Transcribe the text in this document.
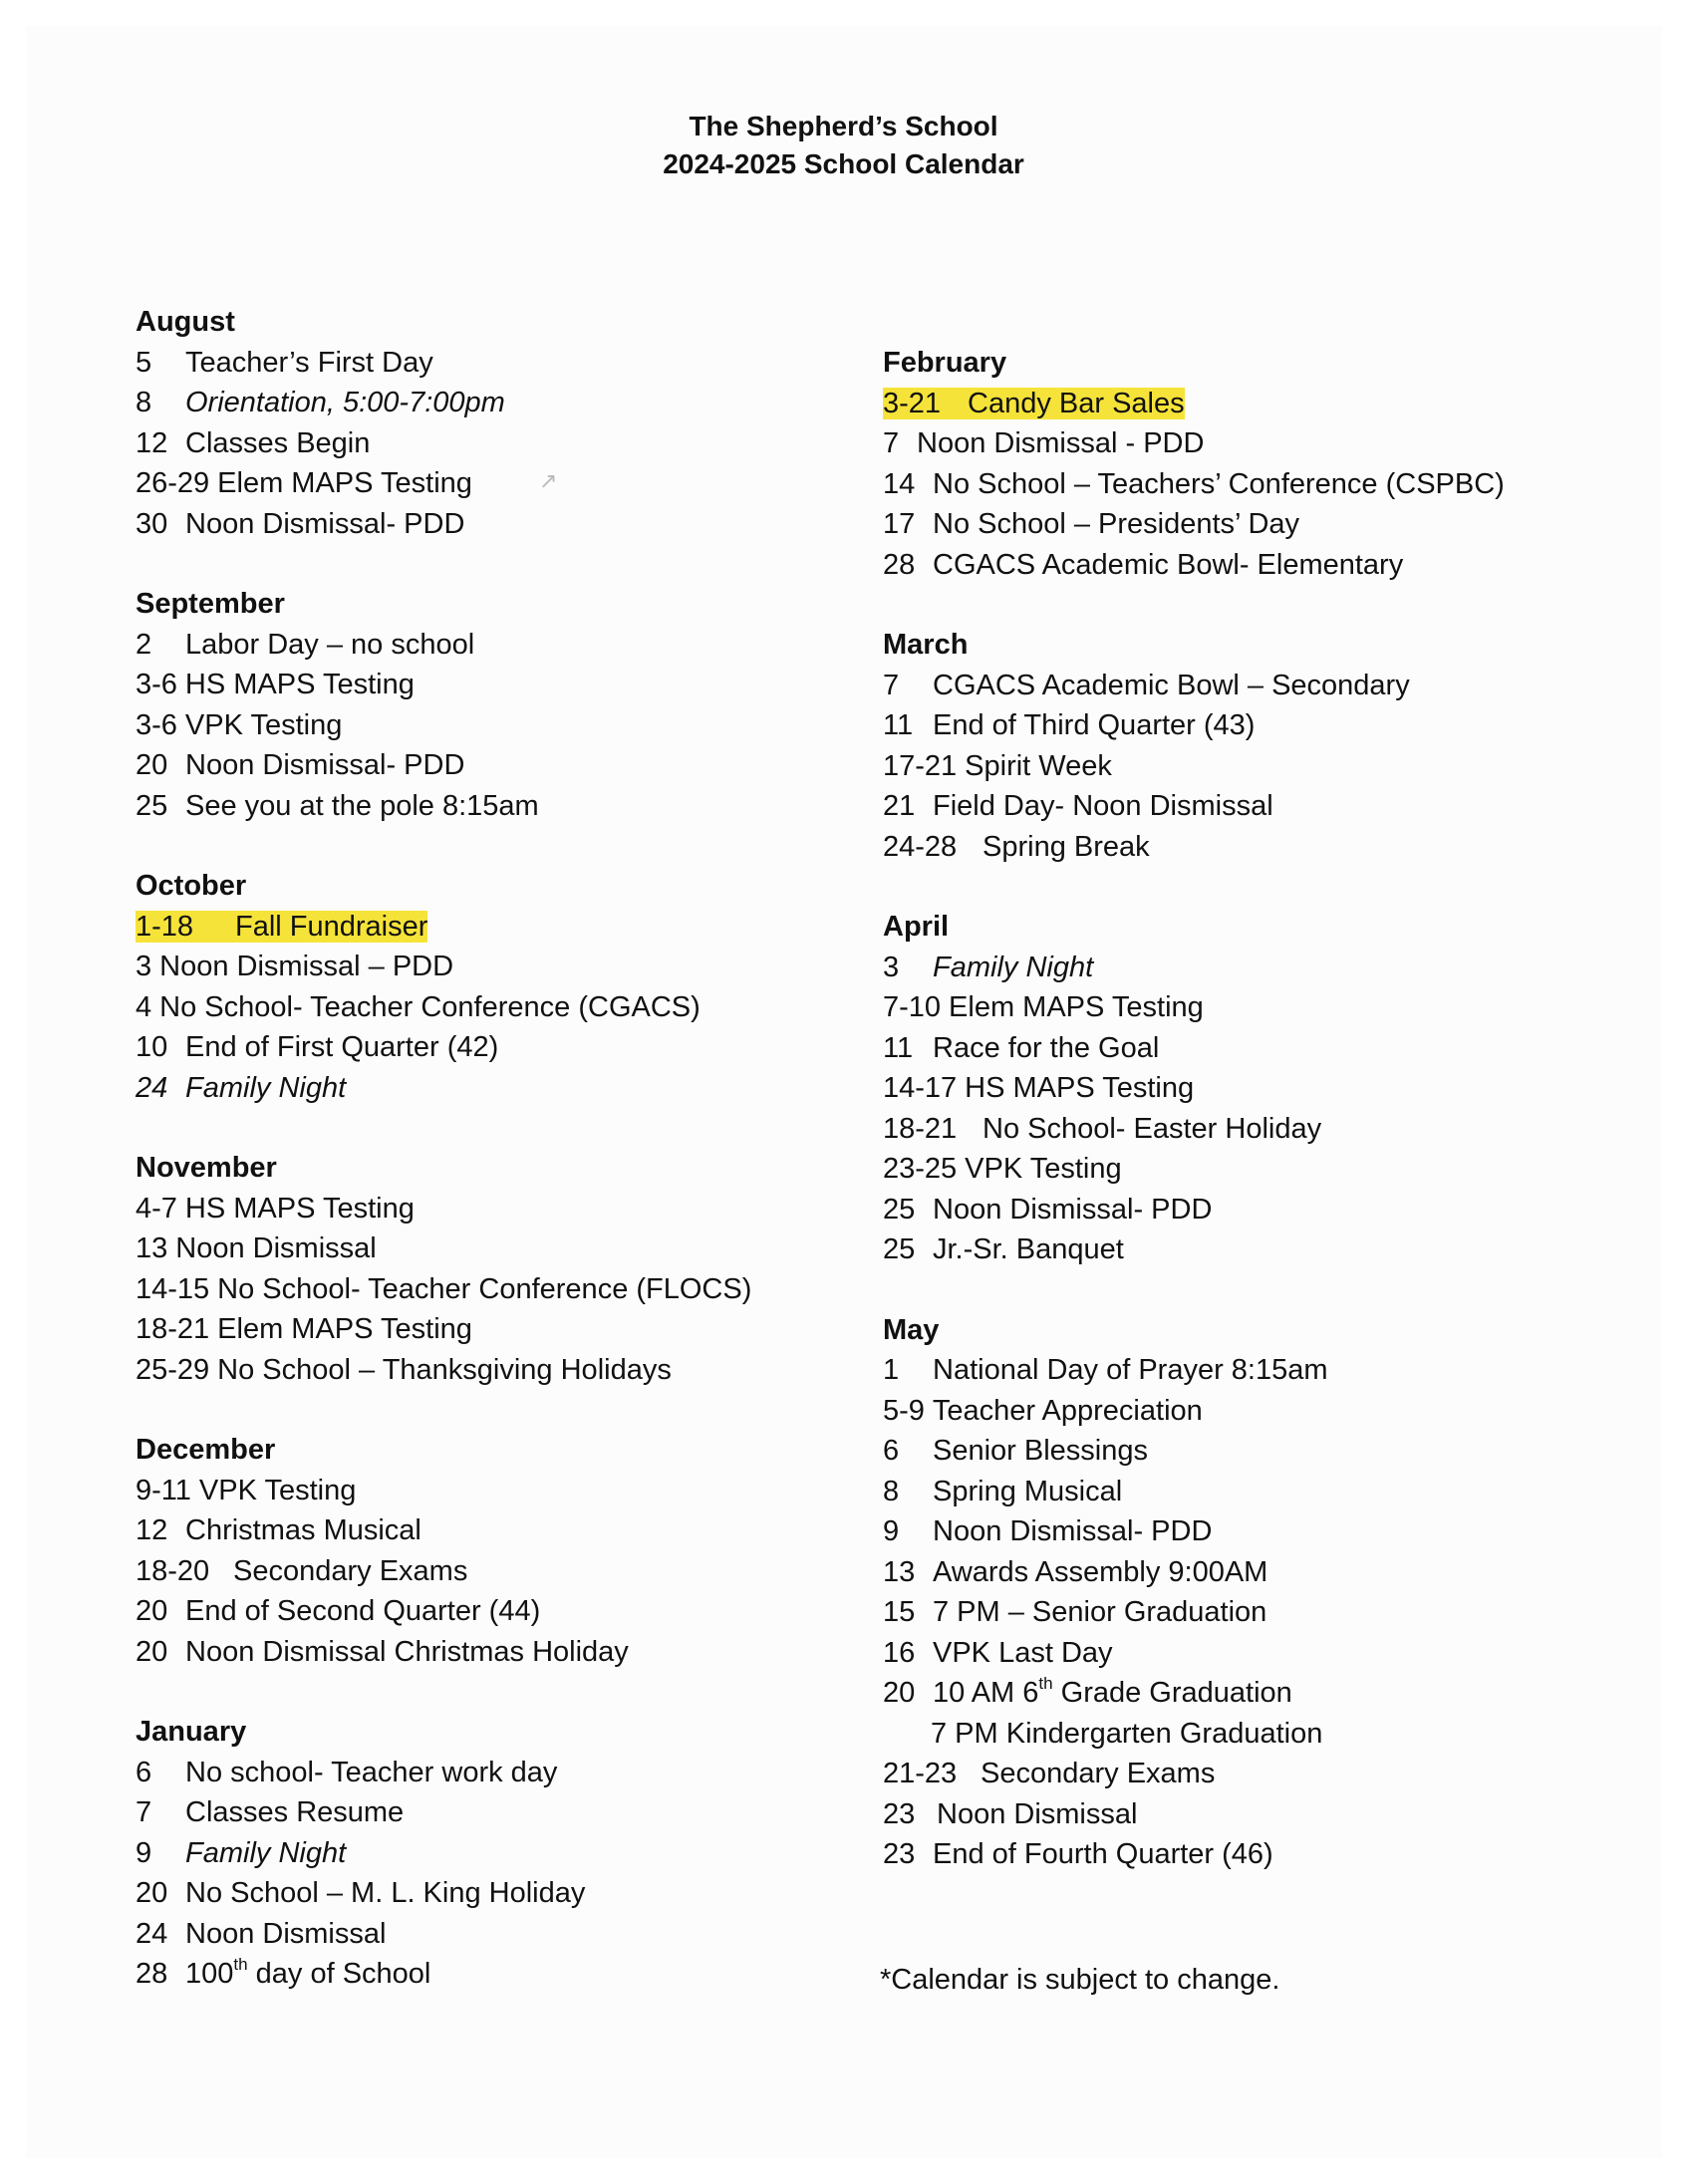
The Shepherd’s School
2024-2025 School Calendar
August
5 Teacher’s First Day
8 Orientation, 5:00-7:00pm
12 Classes Begin
26-29 Elem MAPS Testing
30 Noon Dismissal- PDD
September
2 Labor Day – no school
3-6 HS MAPS Testing
3-6 VPK Testing
20 Noon Dismissal- PDD
25 See you at the pole 8:15am
October
1-18 Fall Fundraiser
3 Noon Dismissal – PDD
4 No School- Teacher Conference (CGACS)
10 End of First Quarter (42)
24 Family Night
November
4-7 HS MAPS Testing
13 Noon Dismissal
14-15 No School- Teacher Conference (FLOCS)
18-21 Elem MAPS Testing
25-29 No School – Thanksgiving Holidays
December
9-11 VPK Testing
12 Christmas Musical
18-20 Secondary Exams
20 End of Second Quarter (44)
20 Noon Dismissal Christmas Holiday
January
6 No school- Teacher work day
7 Classes Resume
9 Family Night
20 No School – M. L. King Holiday
24 Noon Dismissal
28 100th day of School
February
3-21 Candy Bar Sales
7 Noon Dismissal - PDD
14 No School – Teachers’ Conference (CSPBC)
17 No School – Presidents’ Day
28 CGACS Academic Bowl- Elementary
March
7 CGACS Academic Bowl – Secondary
11 End of Third Quarter (43)
17-21 Spirit Week
21 Field Day- Noon Dismissal
24-28 Spring Break
April
3 Family Night
7-10 Elem MAPS Testing
11 Race for the Goal
14-17 HS MAPS Testing
18-21 No School- Easter Holiday
23-25 VPK Testing
25 Noon Dismissal- PDD
25 Jr.-Sr. Banquet
May
1 National Day of Prayer 8:15am
5-9 Teacher Appreciation
6 Senior Blessings
8 Spring Musical
9 Noon Dismissal- PDD
13 Awards Assembly 9:00AM
15 7 PM – Senior Graduation
16 VPK Last Day
20 10 AM 6th Grade Graduation
7 PM Kindergarten Graduation
21-23 Secondary Exams
23 Noon Dismissal
23 End of Fourth Quarter (46)
*Calendar is subject to change.
↗
